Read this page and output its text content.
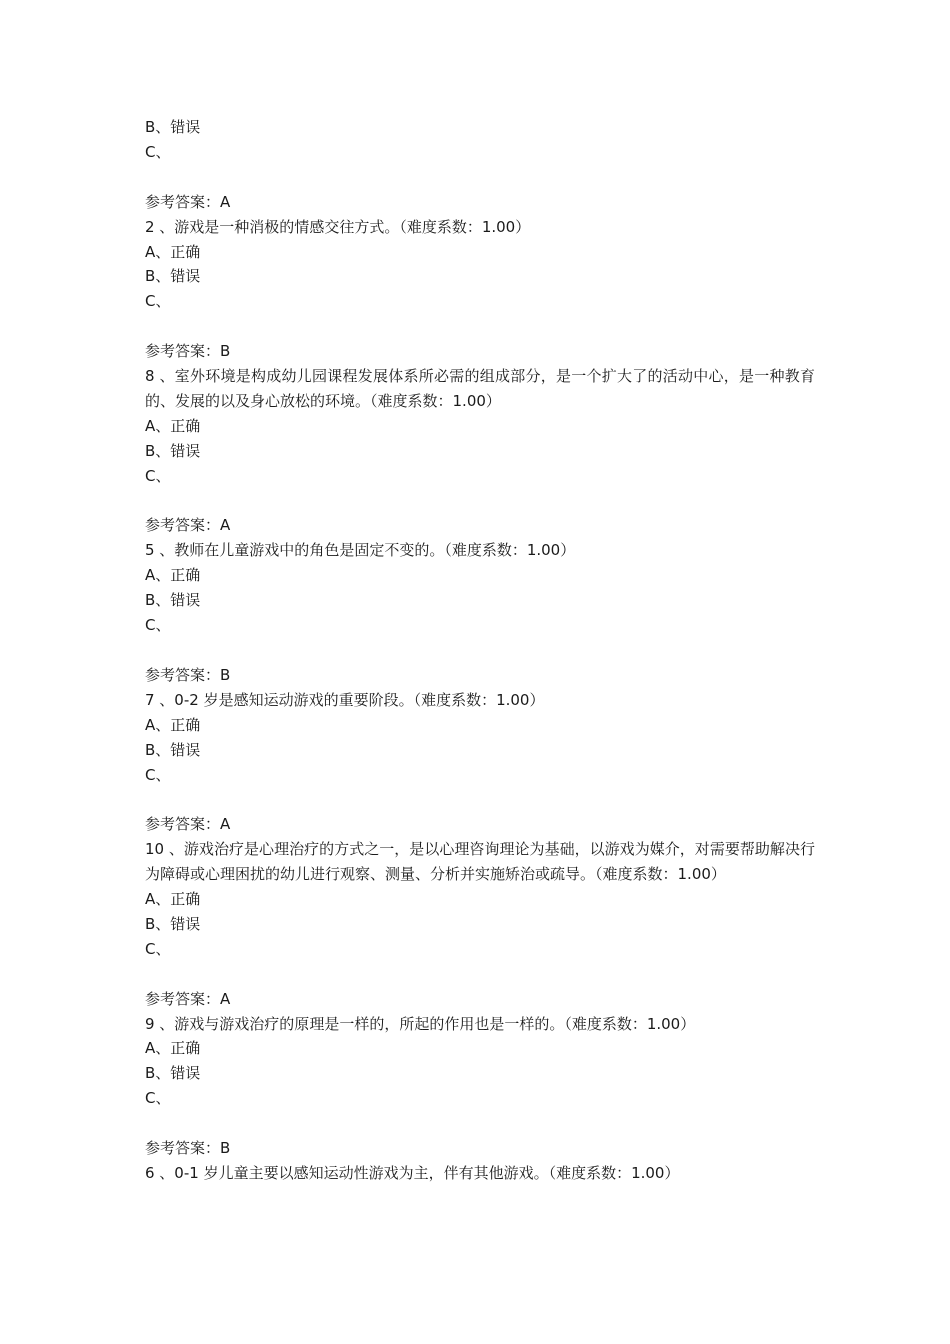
B、错误

C、

参考答案：A

2 、游戏是一种消极的情感交往方式。（难度系数：1.00）

A、正确

B、错误

C、

参考答案：B

8 、室外环境是构成幼儿园课程发展体系所必需的组成部分，是一个扩大了的活动中心，是一种教育的、发展的以及身心放松的环境。（难度系数：1.00）

A、正确

B、错误

C、

参考答案：A

5 、教师在儿童游戏中的角色是固定不变的。（难度系数：1.00）

A、正确

B、错误

C、

参考答案：B

7 、0-2 岁是感知运动游戏的重要阶段。（难度系数：1.00）

A、正确

B、错误

C、

参考答案：A

10 、游戏治疗是心理治疗的方式之一，是以心理咨询理论为基础，以游戏为媒介，对需要帮助解决行为障碍或心理困扰的幼儿进行观察、测量、分析并实施矫治或疏导。（难度系数：1.00）

A、正确

B、错误

C、

参考答案：A

9 、游戏与游戏治疗的原理是一样的，所起的作用也是一样的。（难度系数：1.00）

A、正确

B、错误

C、

参考答案：B

6 、0-1 岁儿童主要以感知运动性游戏为主，伴有其他游戏。（难度系数：1.00）
